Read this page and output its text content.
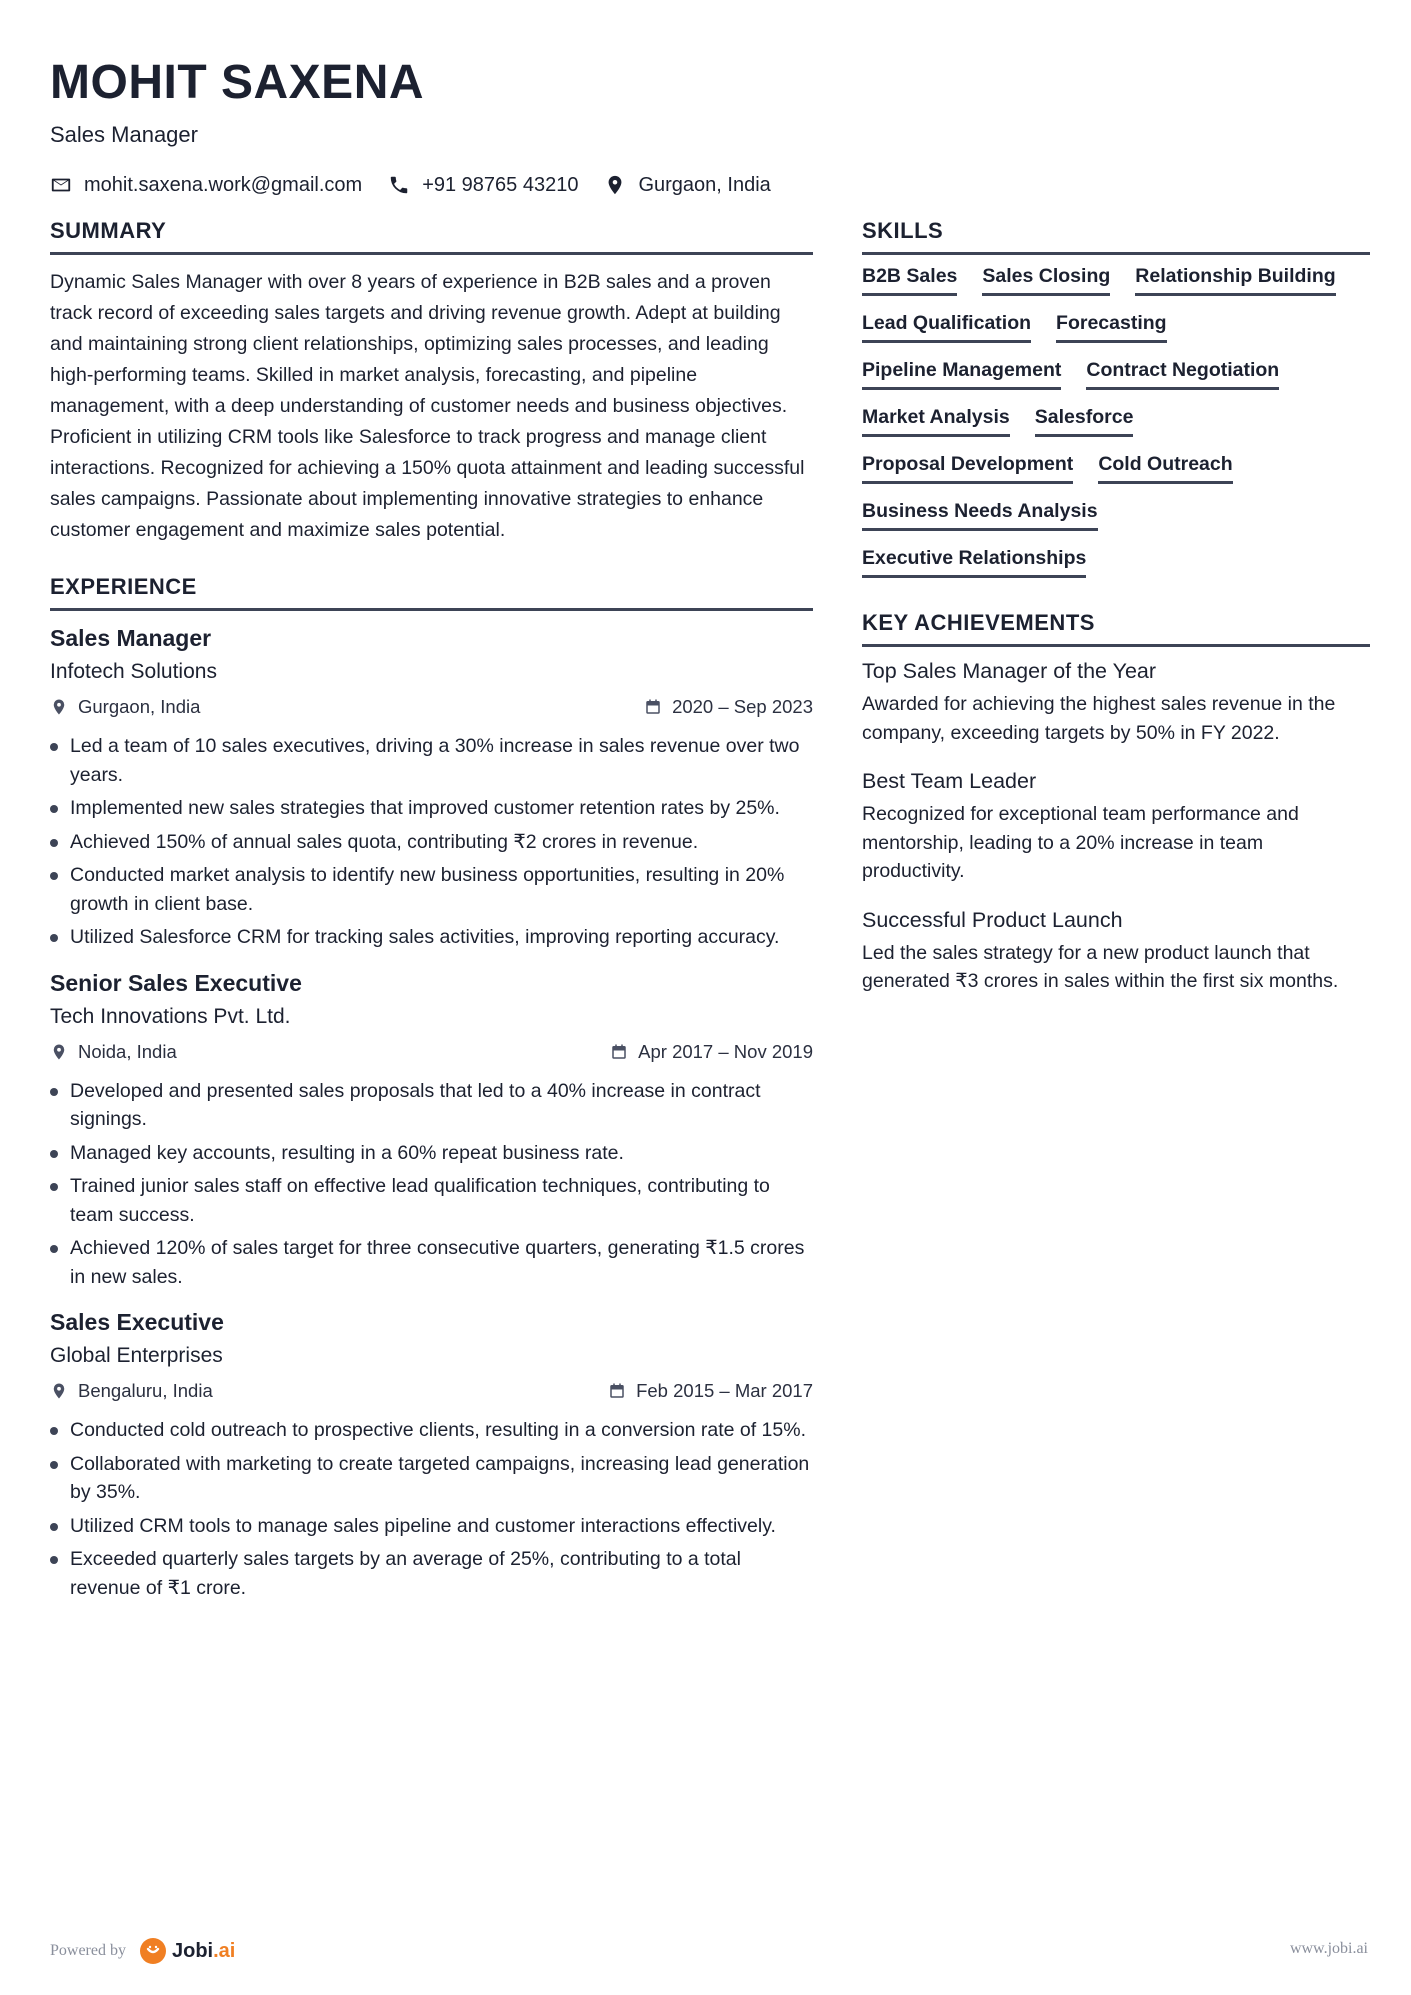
MOHIT SAXENA
Sales Manager
mohit.saxena.work@gmail.com	+91 98765 43210	Gurgaon, India
SUMMARY

Dynamic Sales Manager with over 8 years of experience in B2B sales and a proven track record of exceeding sales targets and driving revenue growth. Adept at building and maintaining strong client relationships, optimizing sales processes, and leading high-performing teams. Skilled in market analysis, forecasting, and pipeline management, with a deep understanding of customer needs and business objectives. Proficient in utilizing CRM tools like Salesforce to track progress and manage client interactions. Recognized for achieving a 150% quota attainment and leading successful sales campaigns. Passionate about implementing innovative strategies to enhance customer engagement and maximize sales potential.

EXPERIENCE
Sales Manager
Infotech Solutions
Gurgaon, India	2020 – Sep 2023
Led a team of 10 sales executives, driving a 30% increase in sales revenue over two years.
Implemented new sales strategies that improved customer retention rates by 25%.
Achieved 150% of annual sales quota, contributing ₹2 crores in revenue.
Conducted market analysis to identify new business opportunities, resulting in 20% growth in client base.
Utilized Salesforce CRM for tracking sales activities, improving reporting accuracy.
Senior Sales Executive
Tech Innovations Pvt. Ltd.
Noida, India	Apr 2017 – Nov 2019
Developed and presented sales proposals that led to a 40% increase in contract signings.
Managed key accounts, resulting in a 60% repeat business rate.
Trained junior sales staff on effective lead qualification techniques, contributing to team success.
Achieved 120% of sales target for three consecutive quarters, generating ₹1.5 crores in new sales.
Sales Executive
Global Enterprises
Bengaluru, India	Feb 2015 – Mar 2017
Conducted cold outreach to prospective clients, resulting in a conversion rate of 15%.
Collaborated with marketing to create targeted campaigns, increasing lead generation by 35%.
Utilized CRM tools to manage sales pipeline and customer interactions effectively.
Exceeded quarterly sales targets by an average of 25%, contributing to a total revenue of ₹1 crore.
SKILLS
B2B Sales Sales Closing Relationship Building
Lead Qualification Forecasting
Pipeline Management Contract Negotiation
Market Analysis Salesforce
Proposal Development Cold Outreach
Business Needs Analysis
Executive Relationships
KEY ACHIEVEMENTS
Top Sales Manager of the Year
Awarded for achieving the highest sales revenue in the company, exceeding targets by 50% in FY 2022.
Best Team Leader
Recognized for exceptional team performance and mentorship, leading to a 20% increase in team productivity.
Successful Product Launch
Led the sales strategy for a new product launch that generated ₹3 crores in sales within the first six months.
Powered by Jobi .ai	www.jobi.ai
